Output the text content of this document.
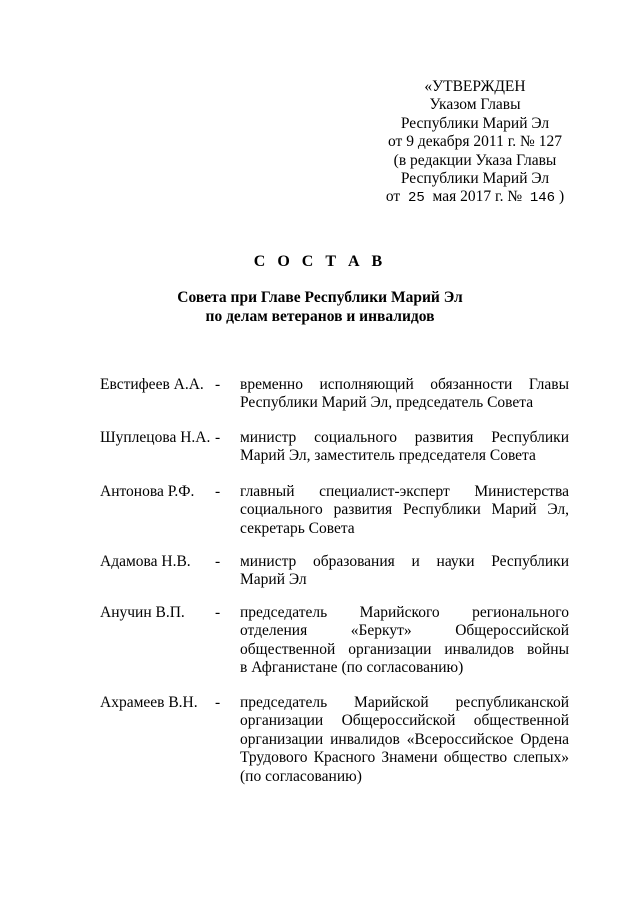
«УТВЕРЖДЕН
Указом Главы
Республики Марий Эл
от 9 декабря 2011 г. № 127
(в редакции Указа Главы
Республики Марий Эл
от 25 мая 2017 г. № 146 )
С О С Т А В
Совета при Главе Республики Марий Эл
по делам ветеранов и инвалидов
Евстифеев А.А. - временно исполняющий обязанности Главы
Республики Марий Эл, председатель Совета
Шуплецова Н.А. - министр социального развития Республики
Марий Эл, заместитель председателя Совета
Антонова Р.Ф. - главный специалист-эксперт Министерства
социального развития Республики Марий Эл,
секретарь Совета
Адамова Н.В. - министр образования и науки Республики
Марий Эл
Анучин В.П. - председатель Марийского регионального
отделения «Беркут» Общероссийской
общественной организации инвалидов войны
в Афганистане (по согласованию)
Ахрамеев В.Н. - председатель Марийской республиканской
организации Общероссийской общественной
организации инвалидов «Всероссийское Ордена
Трудового Красного Знамени общество слепых»
(по согласованию)
